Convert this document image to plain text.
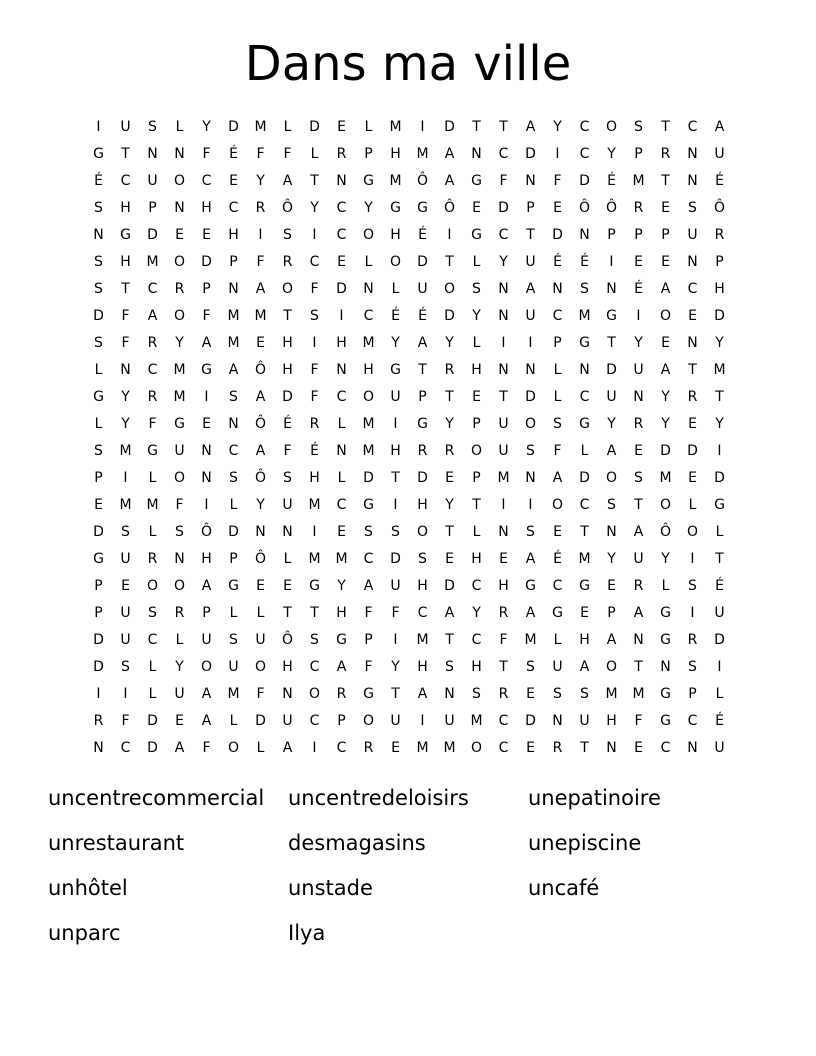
Dans ma ville
I	U	S	L	Y	D	M	L	D	E	L	M	I	D	T	T	A	Y	C	O	S	T	C	A
G	T	N	N	F	É	F	F	L	R	P	H	M	A	N	C	D	I	C	Y	P	R	N	U
É	C	U	O	C	E	Y	A	T	N	G	M	Ô	A	G	F	N	F	D	É	M	T	N	É
S	H	P	N	H	C	R	Ô	Y	C	Y	G	G	Ô	E	D	P	E	Ô	Ô	R	E	S	Ô
N	G	D	E	E	H	I	S	I	C	O	H	É	I	G	C	T	D	N	P	P	P	U	R
S	H	M	O	D	P	F	R	C	E	L	O	D	T	L	Y	U	É	É	I	E	E	N	P
S	T	C	R	P	N	A	O	F	D	N	L	U	O	S	N	A	N	S	N	É	A	C	H
D	F	A	O	F	M	M	T	S	I	C	É	É	D	Y	N	U	C	M	G	I	O	E	D
S	F	R	Y	A	M	E	H	I	H	M	Y	A	Y	L	I	I	P	G	T	Y	E	N	Y
L	N	C	M	G	A	Ô	H	F	N	H	G	T	R	H	N	N	L	N	D	U	A	T	M
G	Y	R	M	I	S	A	D	F	C	O	U	P	T	E	T	D	L	C	U	N	Y	R	T
L	Y	F	G	E	N	Ô	É	R	L	M	I	G	Y	P	U	O	S	G	Y	R	Y	E	Y
S	M	G	U	N	C	A	F	É	N	M	H	R	R	O	U	S	F	L	A	E	D	D	I
P	I	L	O	N	S	Ô	S	H	L	D	T	D	E	P	M	N	A	D	O	S	M	E	D
E	M	M	F	I	L	Y	U	M	C	G	I	H	Y	T	I	I	O	C	S	T	O	L	G
D	S	L	S	Ô	D	N	N	I	E	S	S	O	T	L	N	S	E	T	N	A	Ô	O	L
G	U	R	N	H	P	Ô	L	M	M	C	D	S	E	H	E	A	É	M	Y	U	Y	I	T
P	E	O	O	A	G	E	E	G	Y	A	U	H	D	C	H	G	C	G	E	R	L	S	É
P	U	S	R	P	L	L	T	T	H	F	F	C	A	Y	R	A	G	E	P	A	G	I	U
D	U	C	L	U	S	U	Ô	S	G	P	I	M	T	C	F	M	L	H	A	N	G	R	D
D	S	L	Y	O	U	O	H	C	A	F	Y	H	S	H	T	S	U	A	O	T	N	S	I
I	I	L	U	A	M	F	N	O	R	G	T	A	N	S	R	E	S	S	M	M	G	P	L
R	F	D	E	A	L	D	U	C	P	O	U	I	U	M	C	D	N	U	H	F	G	C	É
N	C	D	A	F	O	L	A	I	C	R	E	M	M	O	C	E	R	T	N	E	C	N	U
uncentrecommercial	uncentredeloisirs	unepatinoire
unrestaurant	desmagasins	unepiscine
unhôtel	unstade	uncafé
unparc	Ilya
